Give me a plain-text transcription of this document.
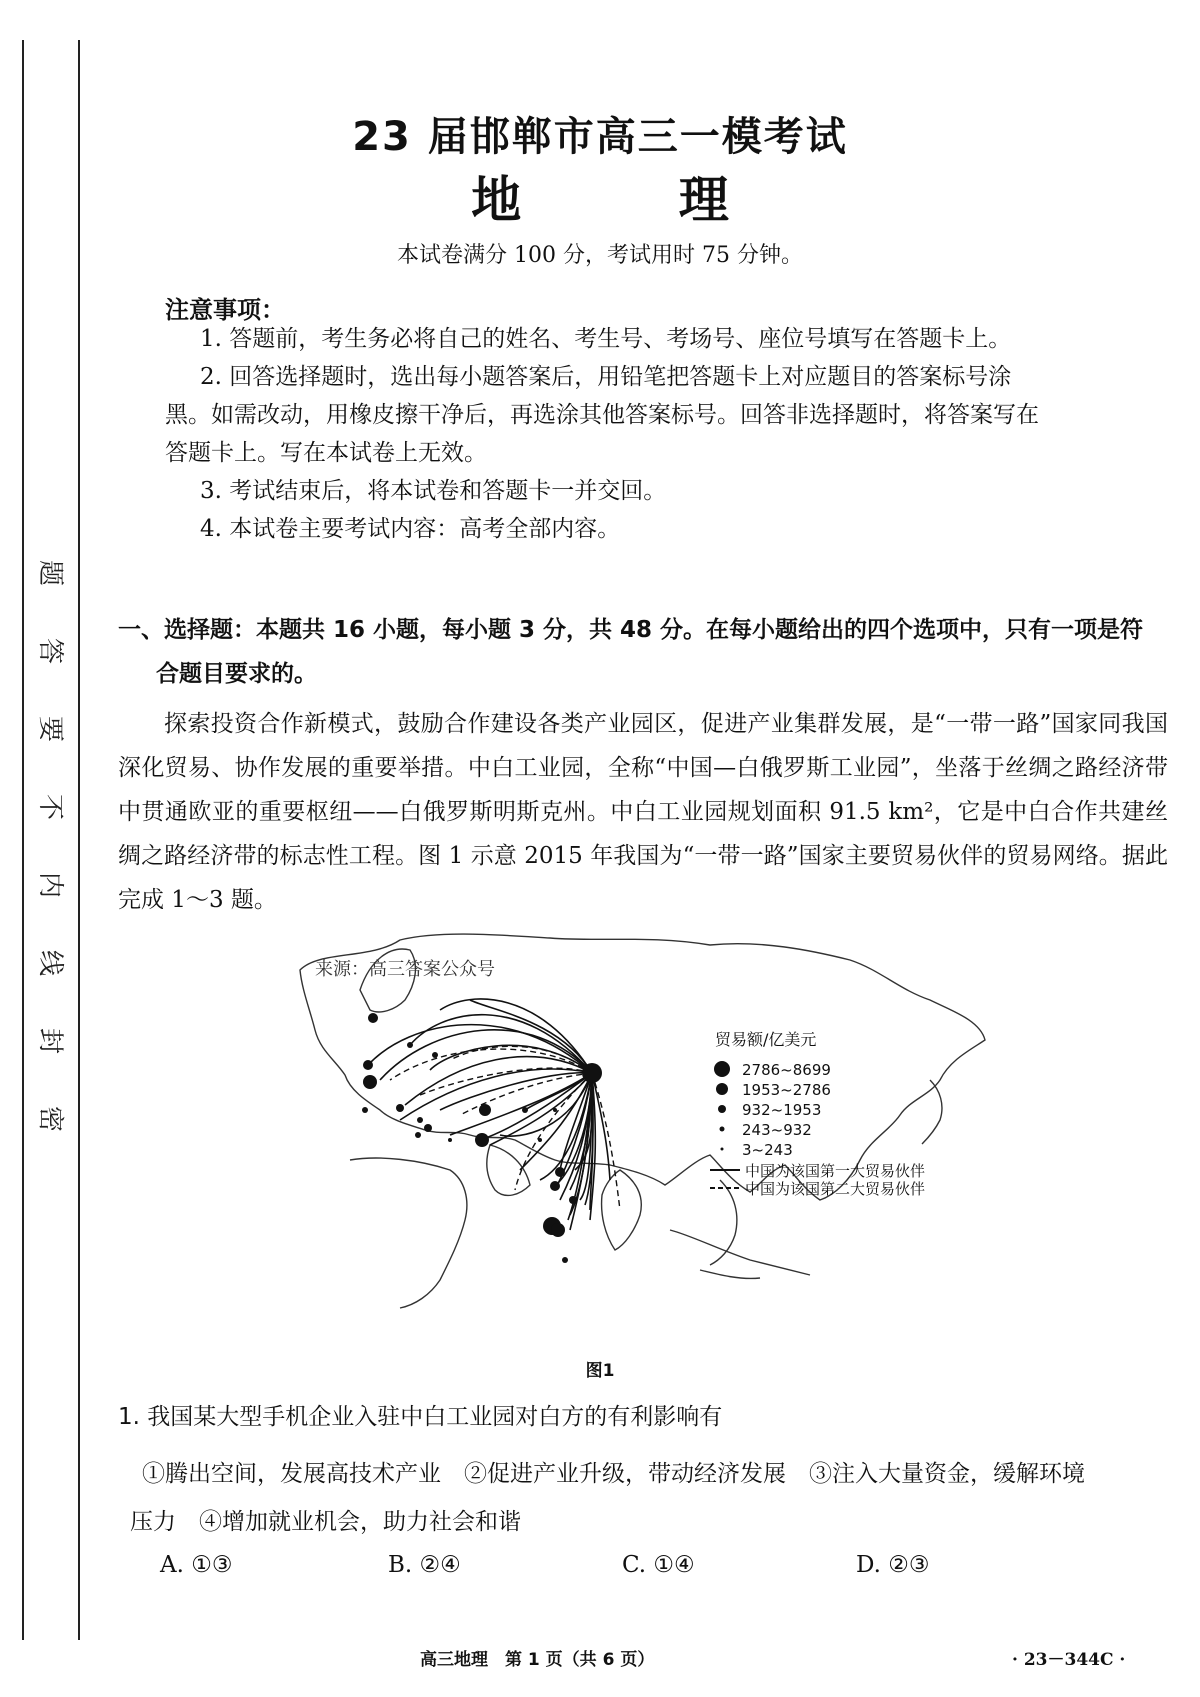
题
答
要
不
内
线
封
密
23 届邯郸市高三一模考试
地 理
本试卷满分 100 分，考试用时 75 分钟。
注意事项：
1. 答题前，考生务必将自己的姓名、考生号、考场号、座位号填写在答题卡上。
2. 回答选择题时，选出每小题答案后，用铅笔把答题卡上对应题目的答案标号涂
黑。如需改动，用橡皮擦干净后，再选涂其他答案标号。回答非选择题时，将答案写在
答题卡上。写在本试卷上无效。
3. 考试结束后，将本试卷和答题卡一并交回。
4. 本试卷主要考试内容：高考全部内容。
一、选择题：本题共 16 小题，每小题 3 分，共 48 分。在每小题给出的四个选项中，只有一项是符
合题目要求的。
探索投资合作新模式，鼓励合作建设各类产业园区，促进产业集群发展，是“一带一路”国家同我国深化贸易、协作发展的重要举措。中白工业园，全称“中国—白俄罗斯工业园”，坐落于丝绸之路经济带中贯通欧亚的重要枢纽——白俄罗斯明斯克州。中白工业园规划面积 91.5 km²，它是中白合作共建丝绸之路经济带的标志性工程。图 1 示意 2015 年我国为“一带一路”国家主要贸易伙伴的贸易网络。据此完成 1～3 题。
来源：高三答案公众号
贸易额/亿美元
2786~8699
1953~2786
932~1953
243~932
3~243
中国为该国第一大贸易伙伴
中国为该国第二大贸易伙伴
图1
1. 我国某大型手机企业入驻中白工业园对白方的有利影响有
①腾出空间，发展高技术产业　②促进产业升级，带动经济发展　③注入大量资金，缓解环境
压力　④增加就业机会，助力社会和谐
A. ①③	B. ②④	C. ①④	D. ②③
高三地理　第 1 页（共 6 页）	· 23－344C ·
